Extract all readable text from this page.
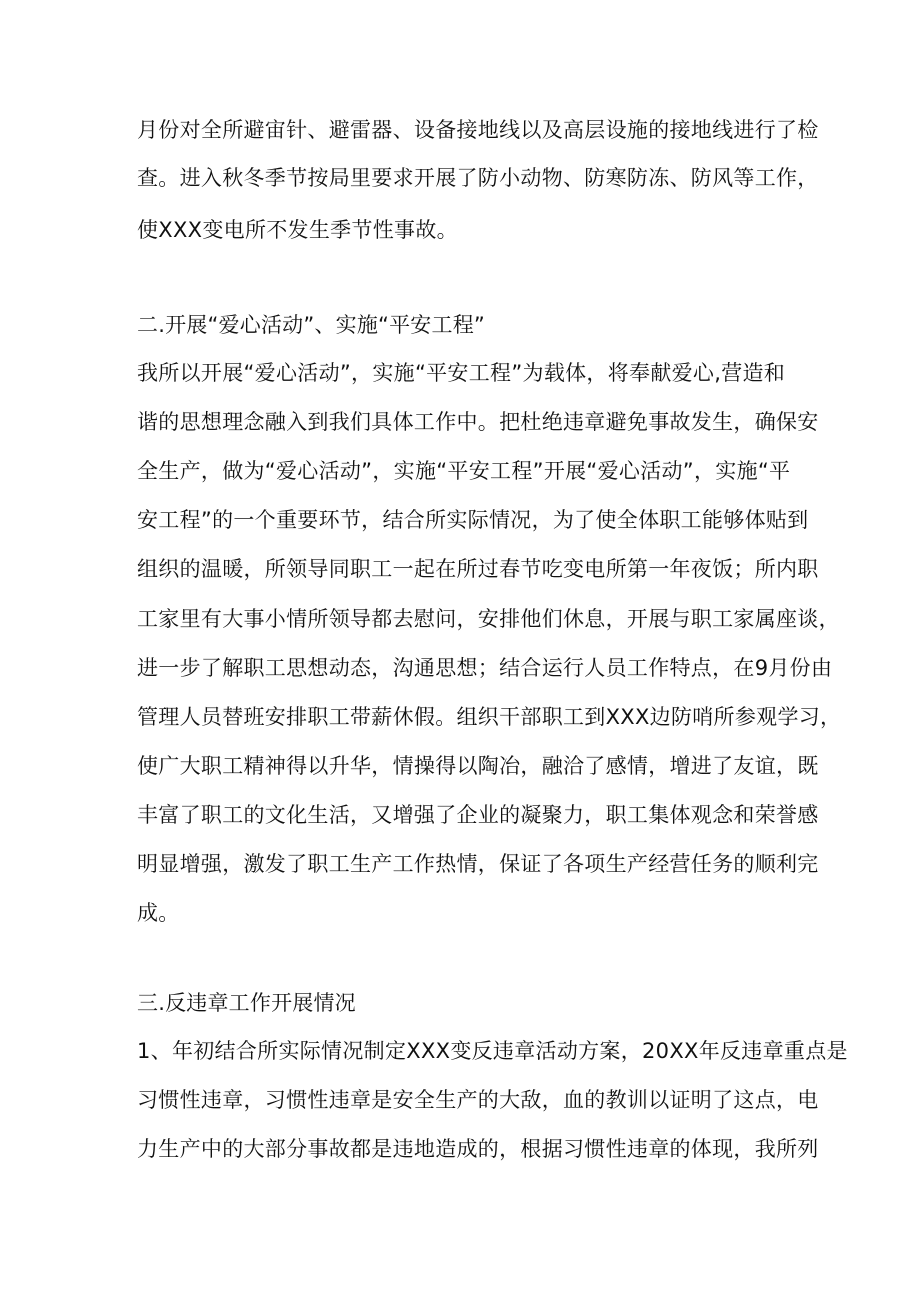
月份对全所避宙针、避雷器、设备接地线以及高层设施的接地线进行了检
查。进入秋冬季节按局里要求开展了防小动物、防寒防冻、防风等工作，
使XXX变电所不发生季节性事故。
二.开展“爱心活动”、实施“平安工程”
我所以开展“爱心活动”，实施“平安工程”为载体，将奉献爱心,营造和
谐的思想理念融入到我们具体工作中。把杜绝违章避免事故发生，确保安
全生产，做为“爱心活动”，实施“平安工程”开展“爱心活动”，实施“平
安工程”的一个重要环节，结合所实际情况，为了使全体职工能够体贴到
组织的温暖，所领导同职工一起在所过春节吃变电所第一年夜饭；所内职
工家里有大事小情所领导都去慰问，安排他们休息，开展与职工家属座谈，
进一步了解职工思想动态，沟通思想；结合运行人员工作特点，在9月份由
管理人员替班安排职工带薪休假。组织干部职工到XXX边防哨所参观学习，
使广大职工精神得以升华，情操得以陶冶，融洽了感情，增进了友谊，既
丰富了职工的文化生活，又增强了企业的凝聚力，职工集体观念和荣誉感
明显增强，激发了职工生产工作热情，保证了各项生产经营任务的顺利完
成。
三.反违章工作开展情况
1、年初结合所实际情况制定XXX变反违章活动方案，20XX年反违章重点是
习惯性违章，习惯性违章是安全生产的大敌，血的教训以证明了这点，电
力生产中的大部分事故都是违地造成的，根据习惯性违章的体现，我所列
